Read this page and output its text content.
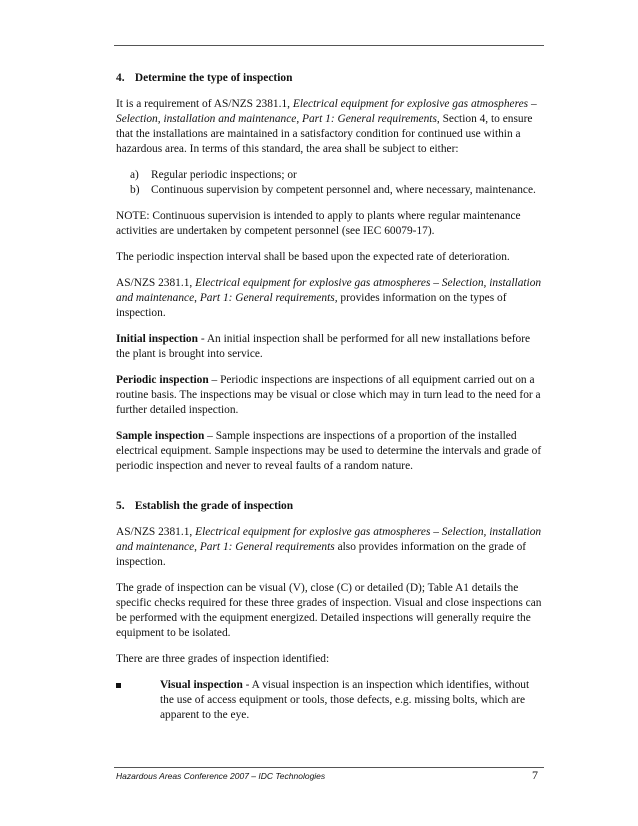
4. Determine the type of inspection

It is a requirement of AS/NZS 2381.1, Electrical equipment for explosive gas atmospheres – Selection, installation and maintenance, Part 1: General requirements, Section 4, to ensure that the installations are maintained in a satisfactory condition for continued use within a hazardous area. In terms of this standard, the area shall be subject to either:

a) Regular periodic inspections; or
b) Continuous supervision by competent personnel and, where necessary, maintenance.

NOTE: Continuous supervision is intended to apply to plants where regular maintenance activities are undertaken by competent personnel (see IEC 60079-17).

The periodic inspection interval shall be based upon the expected rate of deterioration.

AS/NZS 2381.1, Electrical equipment for explosive gas atmospheres – Selection, installation and maintenance, Part 1: General requirements, provides information on the types of inspection.

Initial inspection - An initial inspection shall be performed for all new installations before the plant is brought into service.

Periodic inspection – Periodic inspections are inspections of all equipment carried out on a routine basis. The inspections may be visual or close which may in turn lead to the need for a further detailed inspection.

Sample inspection – Sample inspections are inspections of a proportion of the installed electrical equipment. Sample inspections may be used to determine the intervals and grade of periodic inspection and never to reveal faults of a random nature.

5. Establish the grade of inspection

AS/NZS 2381.1, Electrical equipment for explosive gas atmospheres – Selection, installation and maintenance, Part 1: General requirements also provides information on the grade of inspection.

The grade of inspection can be visual (V), close (C) or detailed (D); Table A1 details the specific checks required for these three grades of inspection. Visual and close inspections can be performed with the equipment energized. Detailed inspections will generally require the equipment to be isolated.

There are three grades of inspection identified:

Visual inspection - A visual inspection is an inspection which identifies, without the use of access equipment or tools, those defects, e.g. missing bolts, which are apparent to the eye.
Hazardous Areas Conference 2007 – IDC Technologies	7
